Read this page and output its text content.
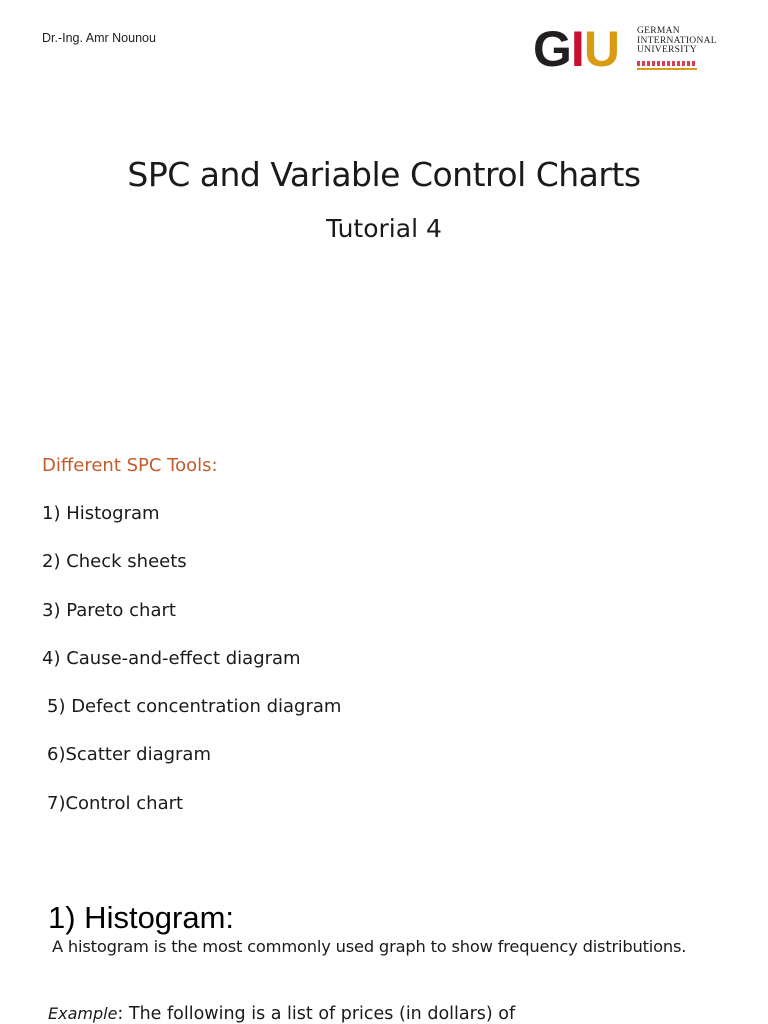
Dr.-Ing. Amr Nounou	GIU GERMAN
INTERNATIONAL
UNIVERSITY
SPC and Variable Control Charts
Tutorial 4
Different SPC Tools:
1) Histogram
2) Check sheets
3) Pareto chart
4) Cause-and-effect diagram
5) Defect concentration diagram
6)Scatter diagram
7)Control chart
1) Histogram:
A histogram is the most commonly used graph to show frequency distributions.
Example: The following is a list of prices (in dollars) of
